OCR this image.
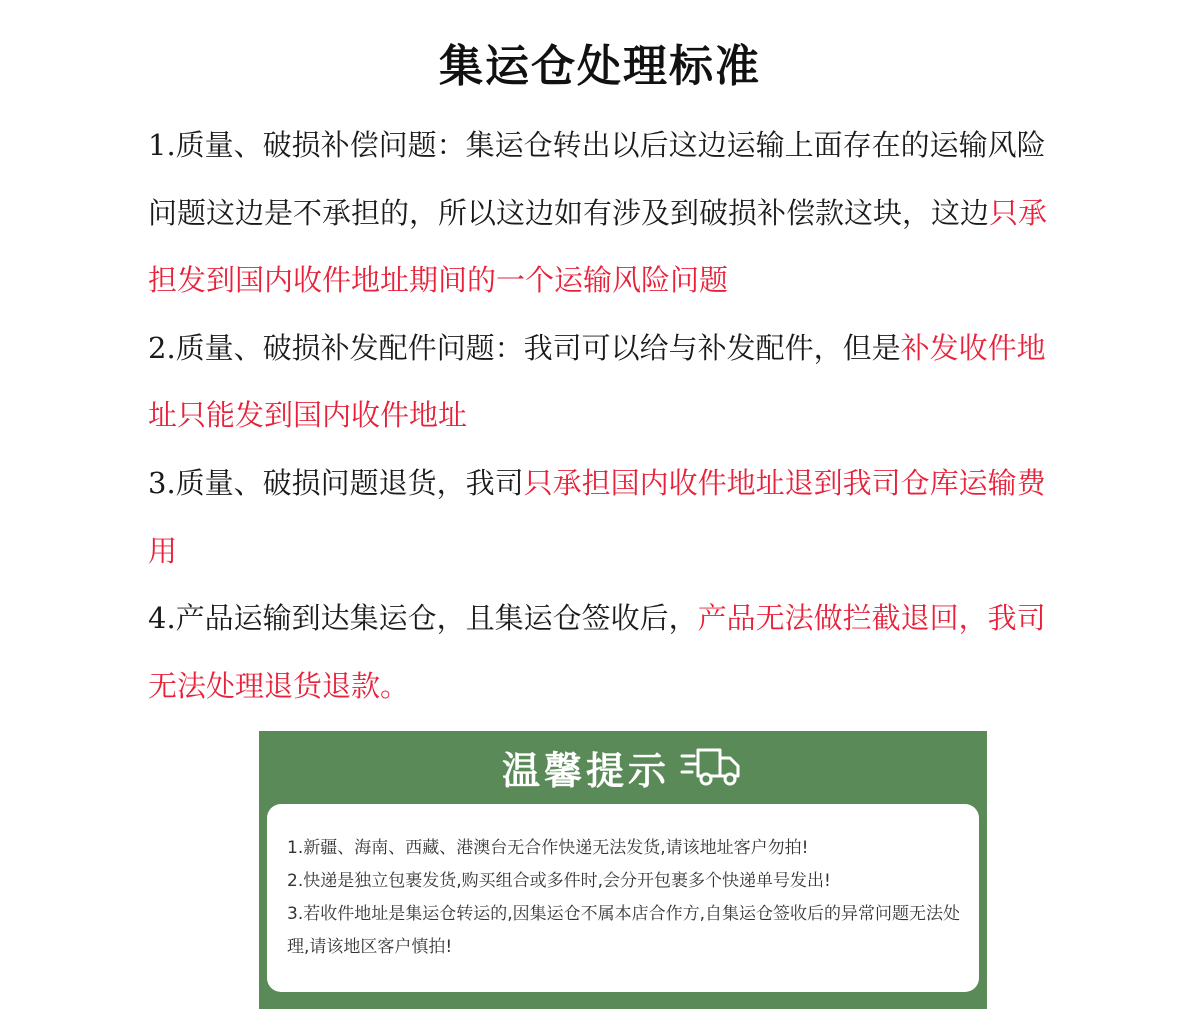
集运仓处理标准

1.质量、破损补偿问题：集运仓转出以后这边运输上面存在的运输风险问题这边是不承担的，所以这边如有涉及到破损补偿款这块，这边只承担发到国内收件地址期间的一个运输风险问题

2.质量、破损补发配件问题：我司可以给与补发配件，但是补发收件地址只能发到国内收件地址

3.质量、破损问题退货，我司只承担国内收件地址退到我司仓库运输费用

4.产品运输到达集运仓，且集运仓签收后，产品无法做拦截退回，我司无法处理退货退款。

温馨提示
1.新疆、海南、西藏、港澳台无合作快递无法发货,请该地址客户勿拍!
2.快递是独立包裹发货,购买组合或多件时,会分开包裹多个快递单号发出!
3.若收件地址是集运仓转运的,因集运仓不属本店合作方,自集运仓签收后的异常问题无法处理,请该地区客户慎拍!
